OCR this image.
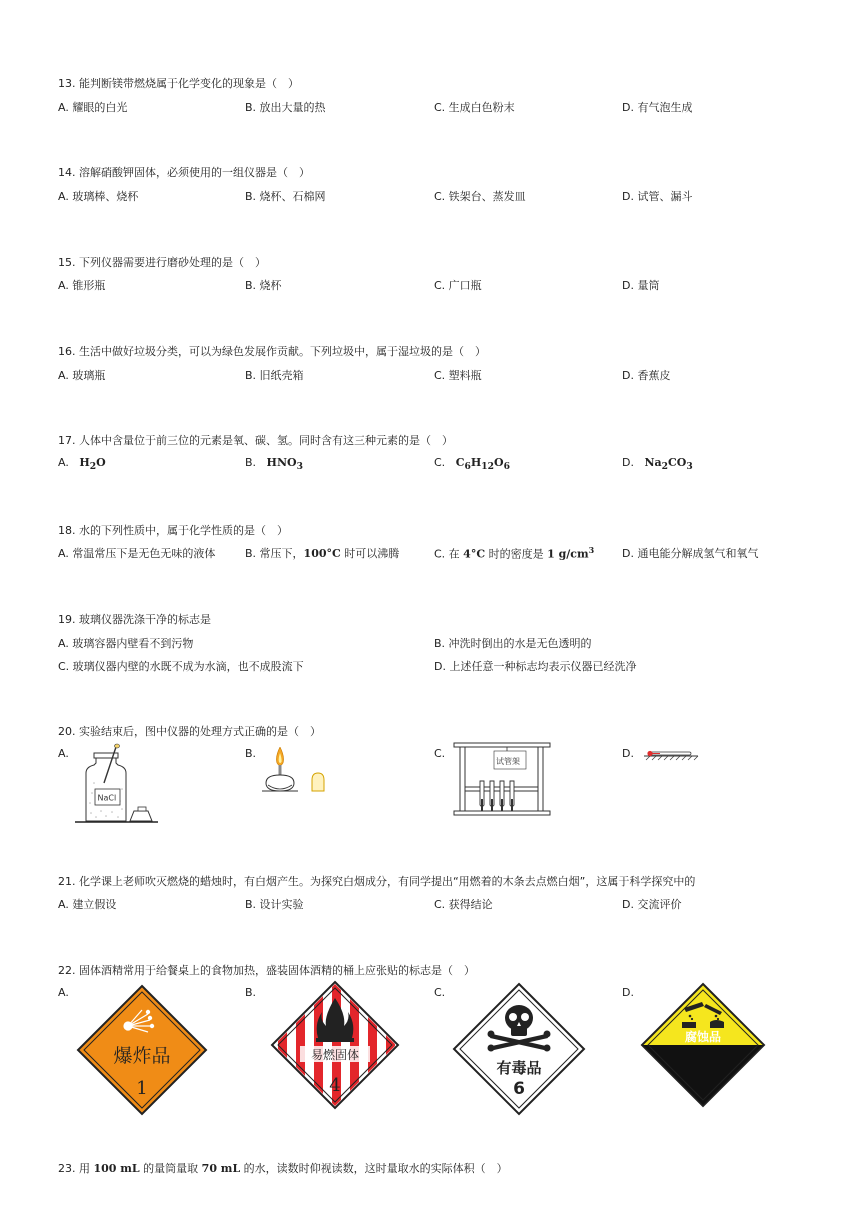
13. 能判断镁带燃烧属于化学变化的现象是（　）
A. 耀眼的白光	B. 放出大量的热	C. 生成白色粉末	D. 有气泡生成
14. 溶解硝酸钾固体，必须使用的一组仪器是（　）
A. 玻璃棒、烧杯	B. 烧杯、石棉网	C. 铁架台、蒸发皿	D. 试管、漏斗
15. 下列仪器需要进行磨砂处理的是（　）
A. 锥形瓶	B. 烧杯	C. 广口瓶	D. 量筒
16. 生活中做好垃圾分类，可以为绿色发展作贡献。下列垃圾中，属于湿垃圾的是（　）
A. 玻璃瓶	B. 旧纸壳箱	C. 塑料瓶	D. 香蕉皮
17. 人体中含量位于前三位的元素是氧、碳、氢。同时含有这三种元素的是（　）
A. $H_2O$	B. $HNO_3$	C. $C_6H_{12}O_6$	D. $Na_2CO_3$
18. 水的下列性质中，属于化学性质的是（　）
A. 常温常压下是无色无味的液体	B. 常压下，100°C 时可以沸腾	C. 在 4°C 时的密度是 1 $g/cm^3$	D. 通电能分解成氢气和氧气
19. 玻璃仪器洗涤干净的标志是
A. 玻璃容器内壁看不到污物	B. 冲洗时倒出的水是无色透明的
C. 玻璃仪器内壁的水既不成为水滴，也不成股流下	D. 上述任意一种标志均表示仪器已经洗净
20. 实验结束后，图中仪器的处理方式正确的是（　）
A.	B.	C.	D.
NaCl
试管架
21. 化学课上老师吹灭燃烧的蜡烛时，有白烟产生。为探究白烟成分，有同学提出“用燃着的木条去点燃白烟”，这属于科学探究中的
A. 建立假设	B. 设计实验	C. 获得结论	D. 交流评价
22. 固体酒精常用于给餐桌上的食物加热，盛装固体酒精的桶上应张贴的标志是（　）
A.	B.	C.	D.
爆炸品
1
易燃固体
4
有毒品
6
腐蚀品
23. 用 100 mL 的量筒量取 70 mL 的水，读数时仰视读数，这时量取水的实际体积（　）
